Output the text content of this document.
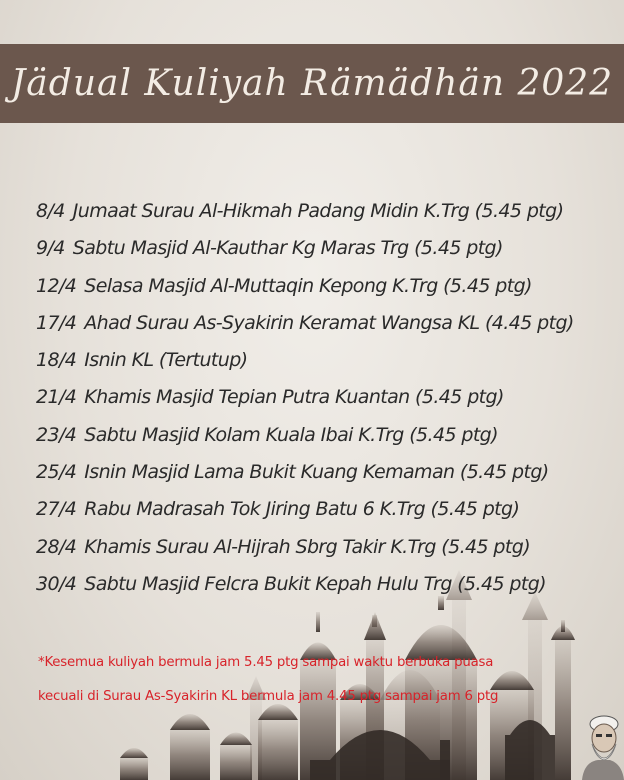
Jädual Kuliyah Rämädhän 2022
8/4 Jumaat Surau Al-Hikmah Padang Midin K.Trg (5.45 ptg)
9/4 Sabtu Masjid Al-Kauthar Kg Maras Trg (5.45 ptg)
12/4 Selasa Masjid Al-Muttaqin Kepong K.Trg (5.45 ptg)
17/4 Ahad Surau As-Syakirin Keramat Wangsa KL (4.45 ptg)
18/4 Isnin KL (Tertutup)
21/4 Khamis Masjid Tepian Putra Kuantan (5.45 ptg)
23/4 Sabtu Masjid Kolam Kuala Ibai K.Trg (5.45 ptg)
25/4 Isnin Masjid Lama Bukit Kuang Kemaman (5.45 ptg)
27/4 Rabu Madrasah Tok Jiring Batu 6 K.Trg (5.45 ptg)
28/4 Khamis Surau Al-Hijrah Sbrg Takir K.Trg (5.45 ptg)
30/4 Sabtu Masjid Felcra Bukit Kepah Hulu Trg (5.45 ptg)
*Kesemua kuliyah bermula jam 5.45 ptg sampai waktu berbuka puasa
kecuali di Surau As-Syakirin KL bermula jam 4.45 ptg sampai jam 6 ptg
